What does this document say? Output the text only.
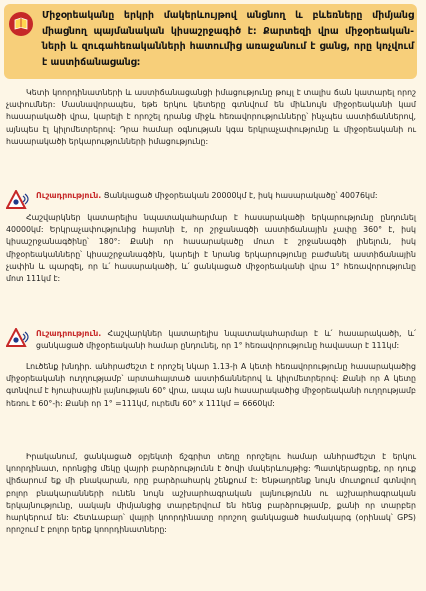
Միջօրեականը երկրի մակերևույթով անցնող և բևեռները միմյանց միացնող պայմանական կիսաշրջագիծ է: Քարտեզի վրա միջօրեական-ների և զուգահեռականների հատումից առաջանում է ցանց, որը կոչվում է աստիճանացանց:
Կետի կոորդինատների և աստիճանացանցի իմացությունը թույլ է տալիս ճան կատարել որոշ չափումներ: Մասնավորապես, եթե երկու կետերը գտնվում են միևնույն միջօրեականի կամ հասարակածի վրա, կարելի է որոշել դրանց միջև հեռավորությունները՝ ինչպես աստիճաններով, այնպես էլ կիլոմետրերով: Դրա համար օգնության կգա երկրաչափությունը և միջօրեականի ու հասարակածի երկարությունների իմացությունը:
Ուշադրություն. Ցանկացած միջօրեական 20000կմ է, իսկ հասարակածը՝ 40076կմ:
Հաշվարկներ կատարելիս նպատակահարմար է հասարակածի երկարությունը ընդունել 40000կմ: Երկրաչափությունից հայտնի է, որ շրջանագծի աստիճանային չափը 360° է, իսկ կիսաշրջանագծինը՝ 180°: Քանի որ հասարակածը մուտ է շրջանագծի լինելուն, իսկ միջօրեականները՝ կիսաշրջանագծին, կարելի է նրանց երկարությունը բաժանել աստիճանային չափին և պարզել, որ և՛ հասարակածի, և՛ ցանկացած միջօրեականի վրա 1° հեռավորությունը մոտ 111կմ է:
Ուշադրություն. Հաշվարկներ կատարելիս նպատակահարմար է և՛ հասարակածի, և՛ ցանկացած միջօրեականի համար ընդունել, որ 1° հեռավորությունը հավասար է 111կմ:
Լուծենք խնդիր. անհրաժեշտ է որոշել նկար 1.13-ի A կետի հեռավորությունը հասարակածից միջօրեականի ուղղությամբ՝ արտահայտած աստիճաններով և կիլոմետրերով: Քանի որ A կետը գտնվում է հյուսիսային լայնության 60° վրա, ապա այն հասարակածից միջօրեականի ուղղությամբ հեռու է 60°-ի: Քանի որ 1° =111կմ, ուրեմն 60° x 111կմ = 6660կմ:
Իրականում, ցանկացած օբյեկտի ճշգրիտ տեղը որոշելու համար անհրաժեշտ է երկու կոորդինատ, որոնցից մեկը վայրի բարձրությունն է ծովի մակերևույթից: Պատկերացրեք, որ դուք վիճարում եք մի բնակարան, որը բարձրահարկ շենքում է: Ենթադրենք նույն մուտքում գտնվող բոլոր բնակարանների ունեն նույն աշխարհագրական լայնությունն ու աշխարհագրական երկայնությունը, սակայն միմյանցից տարբերվում են հենց բարձրությամբ, քանի որ տարբեր հարկերում են: Հետևաբար՝ վայրի կոորդինատը որոշող ցանկացած համակարգ (օրինակ՝ GPS) որոշում է բոլոր երեք կոորդինատները:
